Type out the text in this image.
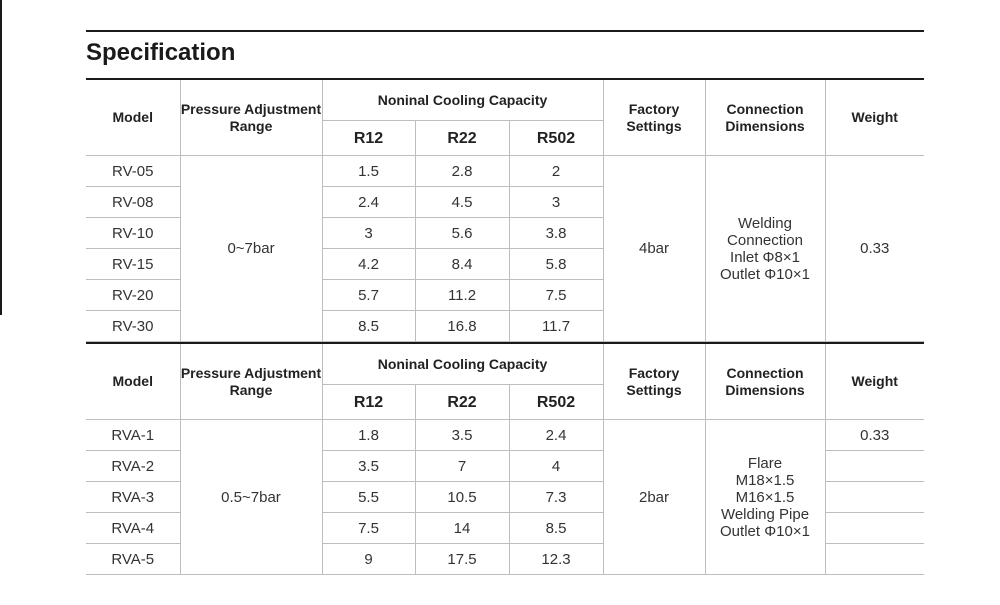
Specification
Model	Pressure Adjustment Range	Noninal Cooling Capacity			Factory Settings	Connection Dimensions	Weight
		R12	R22	R502			
RV-05	0~7bar	1.5	2.8	2	4bar	Welding
Connection
Inlet Φ8×1
Outlet Φ10×1	0.33
RV-08		2.4	4.5	3			
RV-10		3	5.6	3.8			
RV-15		4.2	8.4	5.8			
RV-20		5.7	11.2	7.5			
RV-30		8.5	16.8	11.7			
Model	Pressure Adjustment Range	Noninal Cooling Capacity			Factory Settings	Connection Dimensions	Weight
		R12	R22	R502			
RVA-1	0.5~7bar	1.8	3.5	2.4	2bar	Flare
M18×1.5
M16×1.5
Welding Pipe
Outlet Φ10×1	0.33
RVA-2		3.5	7	4			
RVA-3		5.5	10.5	7.3			
RVA-4		7.5	14	8.5			
RVA-5		9	17.5	12.3			
